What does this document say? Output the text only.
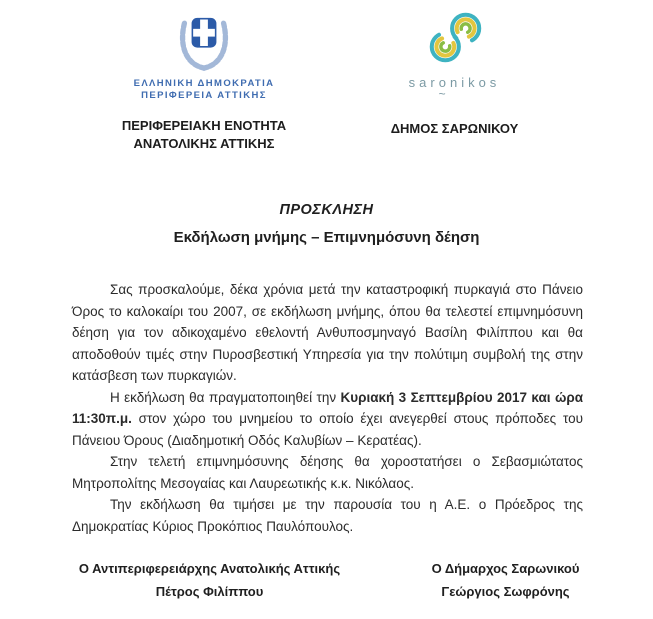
ΕΛΛΗΝΙΚΗ ΔΗΜΟΚΡΑΤΙΑ
ΠΕΡΙΦΕΡΕΙΑ ΑΤΤΙΚΗΣ
ΠΕΡΙΦΕΡΕΙΑΚΗ ΕΝΟΤΗΤΑ
ΑΝΑΤΟΛΙΚΗΣ ΑΤΤΙΚΗΣ
saronikos
~
ΔΗΜΟΣ ΣΑΡΩΝΙΚΟΥ
ΠΡΟΣΚΛΗΣΗ
Εκδήλωση μνήμης – Επιμνημόσυνη δέηση

Σας προσκαλούμε, δέκα χρόνια μετά την καταστροφική πυρκαγιά στο Πάνειο Όρος το καλοκαίρι του 2007, σε εκδήλωση μνήμης, όπου θα τελεστεί επιμνημόσυνη δέηση για τον αδικοχαμένο εθελοντή Ανθυποσμηναγό Βασίλη Φιλίππου και θα αποδοθούν τιμές στην Πυροσβεστική Υπηρεσία για την πολύτιμη συμβολή της στην κατάσβεση των πυρκαγιών.

Η εκδήλωση θα πραγματοποιηθεί την Κυριακή 3 Σεπτεμβρίου 2017 και ώρα 11:30π.μ. στον χώρο του μνημείου το οποίο έχει ανεγερθεί στους πρόποδες του Πάνειου Όρους (Διαδημοτική Οδός Καλυβίων – Κερατέας).

Στην τελετή επιμνημόσυνης δέησης θα χοροστατήσει ο Σεβασμιώτατος Μητροπολίτης Μεσογαίας και Λαυρεωτικής κ.κ. Νικόλαος.

Την εκδήλωση θα τιμήσει με την παρουσία του η Α.Ε. ο Πρόεδρος της Δημοκρατίας Κύριος Προκόπιος Παυλόπουλος.

Ο Αντιπεριφερειάρχης Ανατολικής Αττικής
Πέτρος Φιλίππου
Ο Δήμαρχος Σαρωνικού
Γεώργιος Σωφρόνης
